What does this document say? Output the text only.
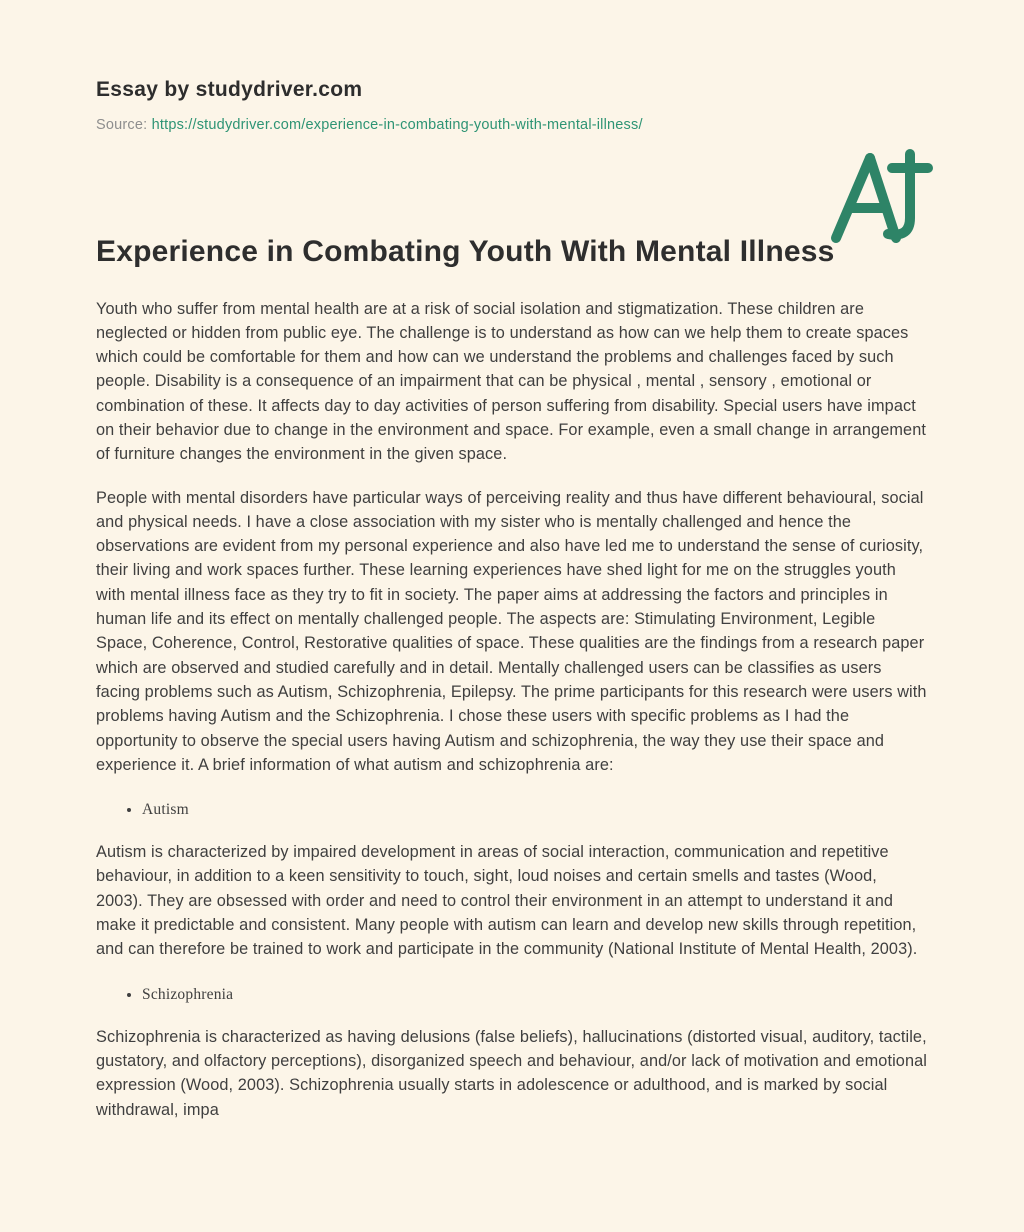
Essay by studydriver.com
Source: https://studydriver.com/experience-in-combating-youth-with-mental-illness/
Experience in Combating Youth With Mental Illness

Youth who suffer from mental health are at a risk of social isolation and stigmatization. These children are neglected or hidden from public eye. The challenge is to understand as how can we help them to create spaces which could be comfortable for them and how can we understand the problems and challenges faced by such people. Disability is a consequence of an impairment that can be physical , mental , sensory , emotional or combination of these. It affects day to day activities of person suffering from disability. Special users have impact on their behavior due to change in the environment and space. For example, even a small change in arrangement of furniture changes the environment in the given space.

People with mental disorders have particular ways of perceiving reality and thus have different behavioural, social and physical needs. I have a close association with my sister who is mentally challenged and hence the observations are evident from my personal experience and also have led me to understand the sense of curiosity, their living and work spaces further. These learning experiences have shed light for me on the struggles youth with mental illness face as they try to fit in society. The paper aims at addressing the factors and principles in human life and its effect on mentally challenged people. The aspects are: Stimulating Environment, Legible Space, Coherence, Control, Restorative qualities of space. These qualities are the findings from a research paper which are observed and studied carefully and in detail. Mentally challenged users can be classifies as users facing problems such as Autism, Schizophrenia, Epilepsy. The prime participants for this research were users with problems having Autism and the Schizophrenia. I chose these users with specific problems as I had the opportunity to observe the special users having Autism and schizophrenia, the way they use their space and experience it. A brief information of what autism and schizophrenia are:

• Autism

Autism is characterized by impaired development in areas of social interaction, communication and repetitive behaviour, in addition to a keen sensitivity to touch, sight, loud noises and certain smells and tastes (Wood, 2003). They are obsessed with order and need to control their environment in an attempt to understand it and make it predictable and consistent. Many people with autism can learn and develop new skills through repetition, and can therefore be trained to work and participate in the community (National Institute of Mental Health, 2003).

• Schizophrenia

Schizophrenia is characterized as having delusions (false beliefs), hallucinations (distorted visual, auditory, tactile, gustatory, and olfactory perceptions), disorganized speech and behaviour, and/or lack of motivation and emotional expression (Wood, 2003). Schizophrenia usually starts in adolescence or adulthood, and is marked by social withdrawal, impa
